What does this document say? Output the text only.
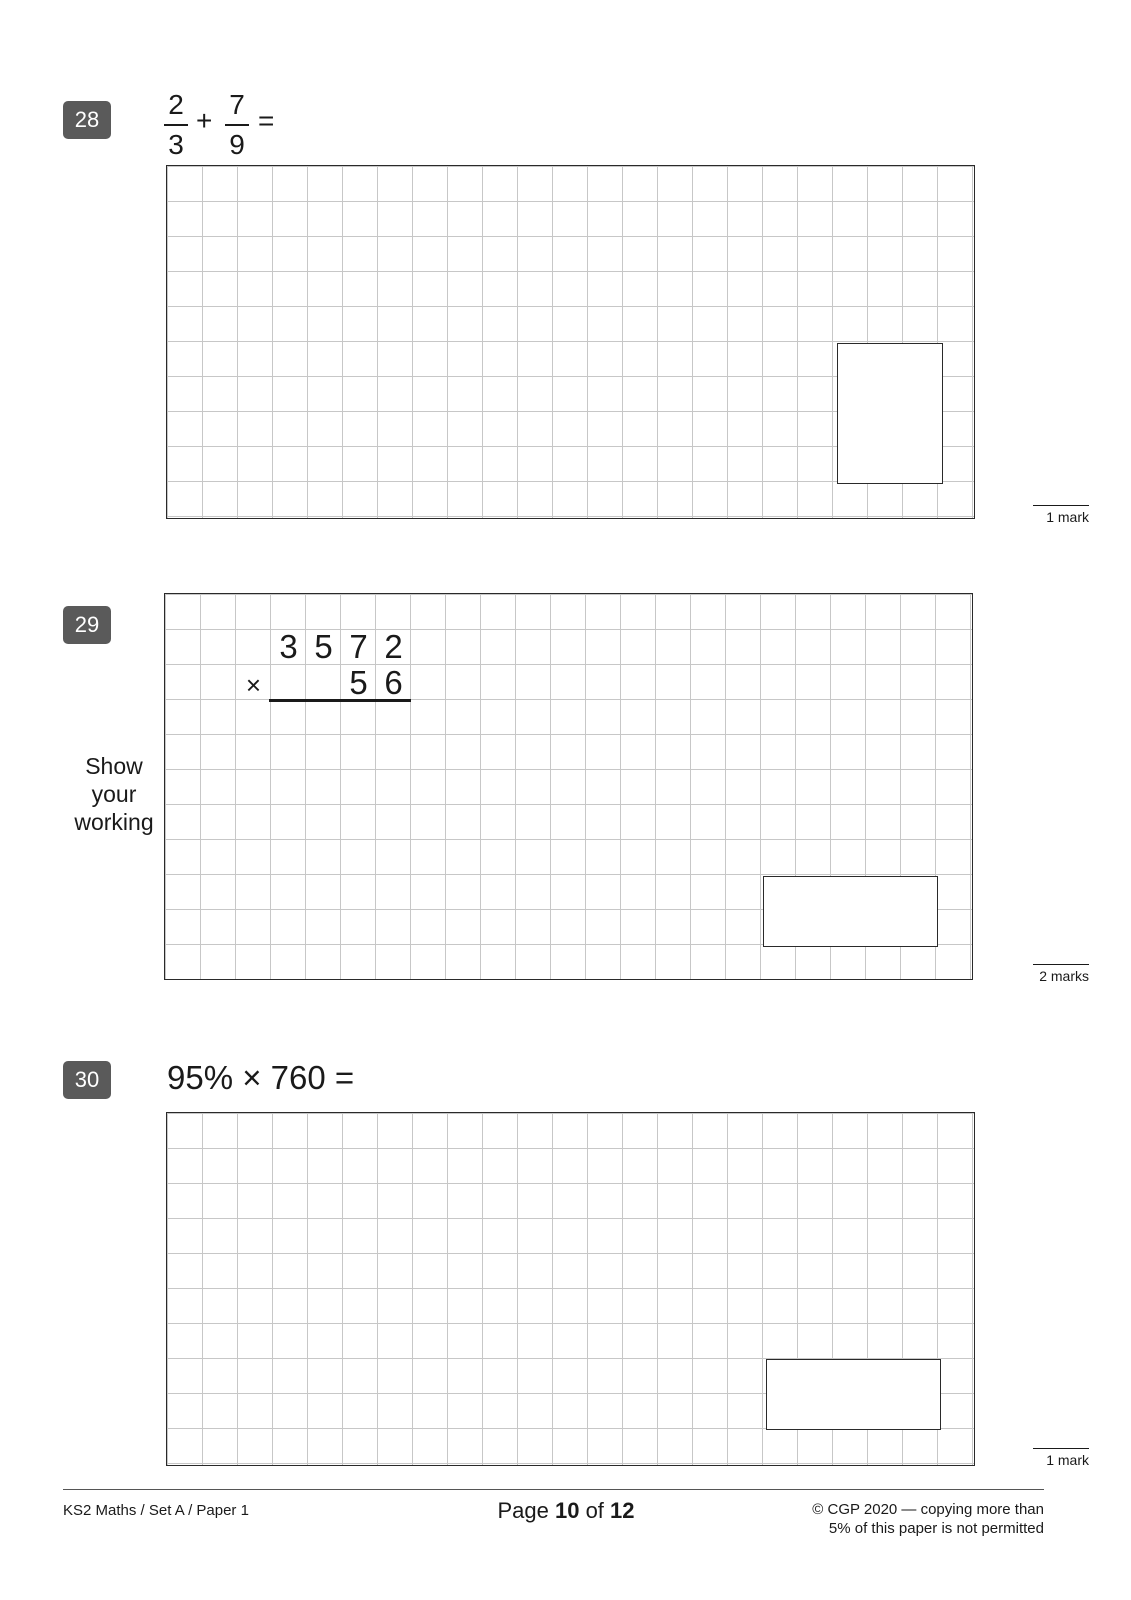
28	2
3
+
7
9
=
1 mark
29
Show
your
working
3 5 7 2
×	5 6
2 marks
30	95% × 760 =
1 mark
KS2 Maths / Set A / Paper 1	Page 10 of 12	© CGP 2020 — copying more than
5% of this paper is not permitted
